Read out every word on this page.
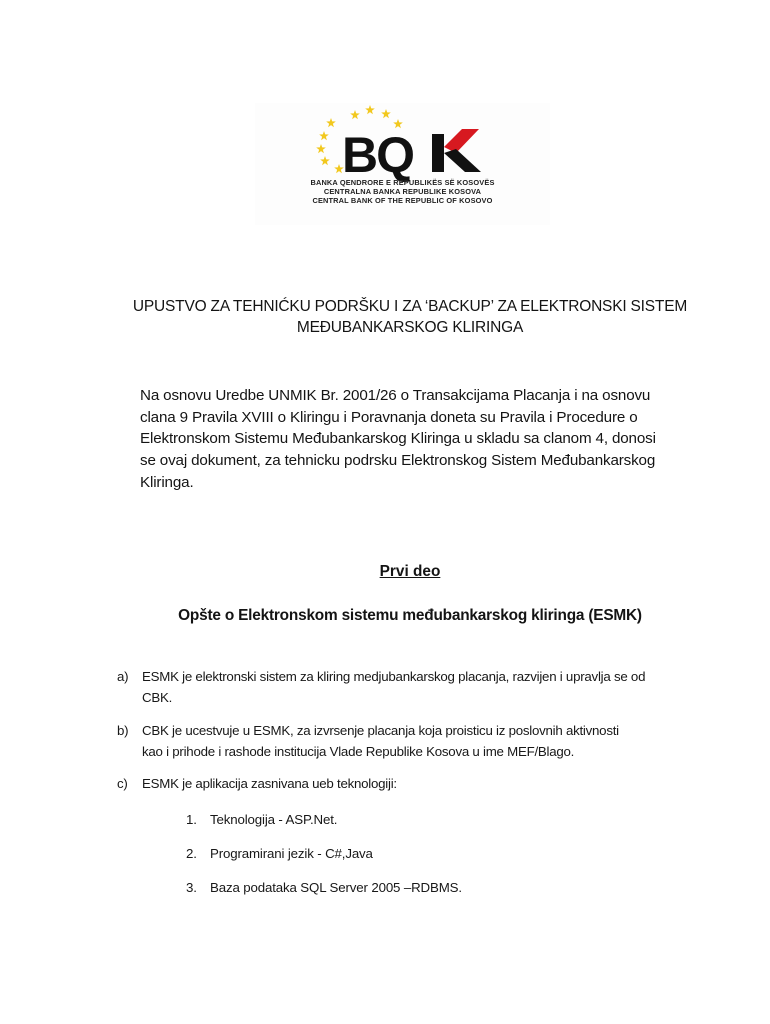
BQ
BANKA QENDRORE E REPUBLIKËS SË KOSOVËS
CENTRALNA BANKA REPUBLIKE KOSOVA
CENTRAL BANK OF THE REPUBLIC OF KOSOVO
UPUSTVO ZA TEHNIĆKU PODRŠKU I ZA ‘BACKUP’ ZA ELEKTRONSKI SISTEM
MEĐUBANKARSKOG KLIRINGA
Na osnovu Uredbe UNMIK Br. 2001/26 o Transakcijama Placanja i na osnovu
clana 9 Pravila XVIII o Kliringu i Poravnanja doneta su Pravila i Procedure o
Elektronskom Sistemu Međubankarskog Kliringa u skladu sa clanom 4, donosi
se ovaj dokument, za tehnicku podrsku Elektronskog Sistem Međubankarskog
Kliringa.
Prvi deo
Opšte o Elektronskom sistemu međubankarskog kliringa (ESMK)
a) ESMK je elektronski sistem za kliring medjubankarskog placanja, razvijen i upravlja se od
CBK.
b) CBK je ucestvuje u ESMK, za izvrsenje placanja koja proisticu iz poslovnih aktivnosti
kao i prihode i rashode institucija Vlade Republike Kosova u ime MEF/Blago.
c) ESMK je aplikacija zasnivana ueb teknologiji:
1. Teknologija - ASP.Net.
2. Programirani jezik - C#,Java
3. Baza podataka SQL Server 2005 –RDBMS.
